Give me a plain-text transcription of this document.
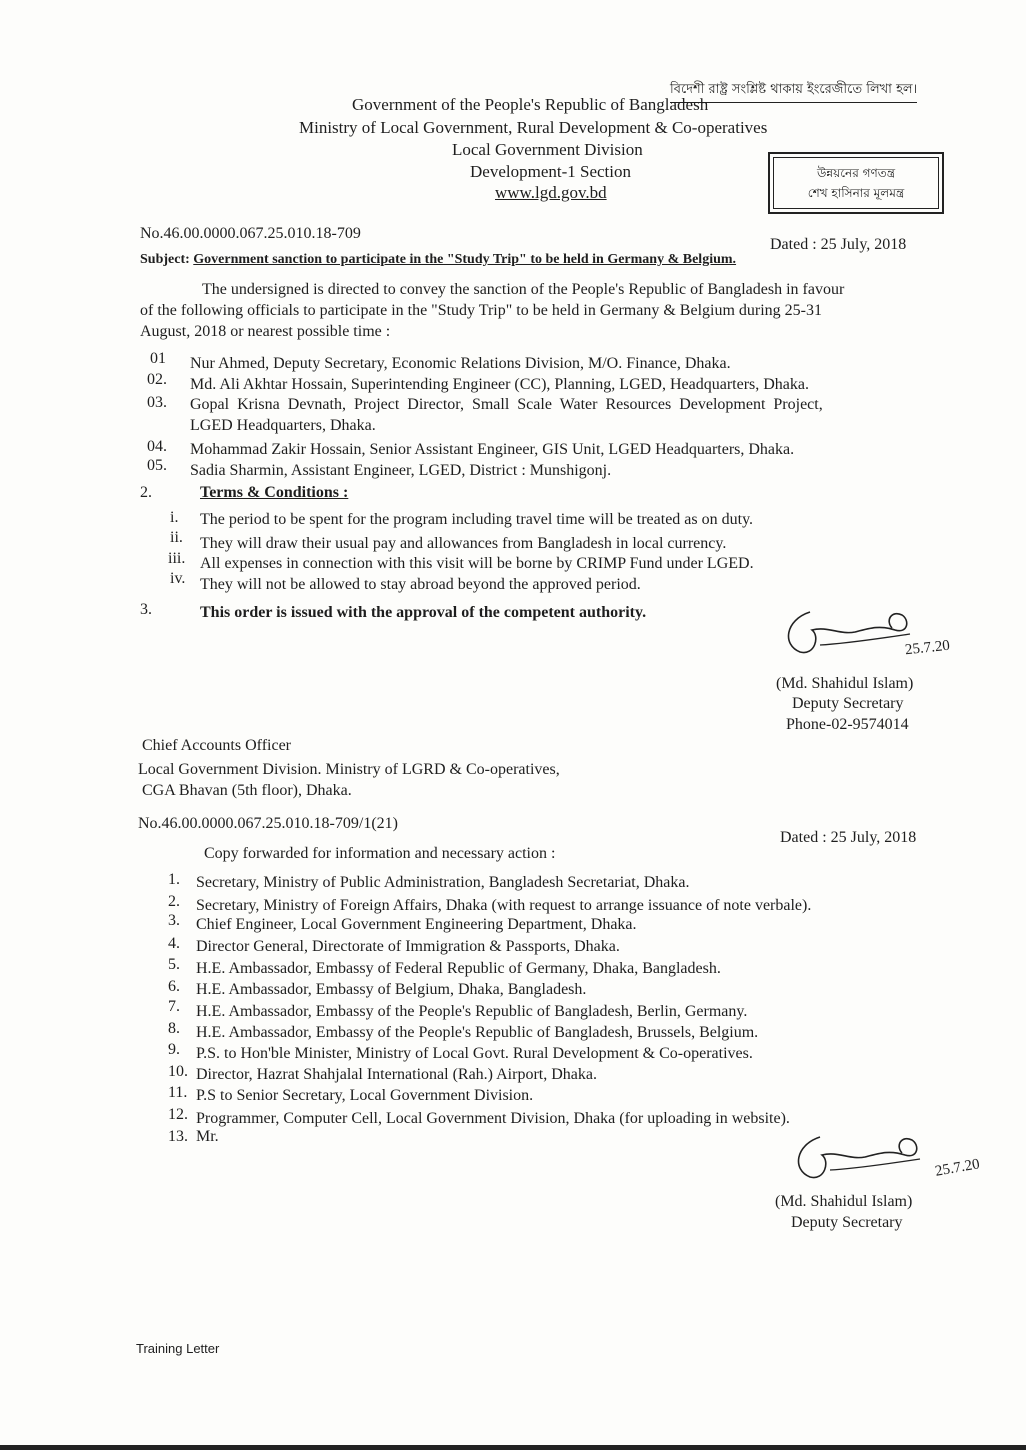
বিদেশী রাষ্ট্র সংশ্লিষ্ট থাকায় ইংরেজীতে লিখা হল।
Government of the People's Republic of Bangladesh
Ministry of Local Government, Rural Development & Co-operatives
Local Government Division
Development-1 Section
www.lgd.gov.bd
উন্নয়নের গণতন্ত্র
শেখ হাসিনার মূলমন্ত্র
No.46.00.0000.067.25.010.18-709
Dated : 25 July, 2018
Subject: Government sanction to participate in the "Study Trip" to be held in Germany & Belgium.
The undersigned is directed to convey the sanction of the People's Republic of Bangladesh in favour
of the following officials to participate in the "Study Trip" to be held in Germany & Belgium during 25-31
August, 2018 or nearest possible time :
01 Nur Ahmed, Deputy Secretary, Economic Relations Division, M/O. Finance, Dhaka.
02. Md. Ali Akhtar Hossain, Superintending Engineer (CC), Planning, LGED, Headquarters, Dhaka.
03. Gopal Krisna Devnath, Project Director, Small Scale Water Resources Development Project,
LGED Headquarters, Dhaka.
04. Mohammad Zakir Hossain, Senior Assistant Engineer, GIS Unit, LGED Headquarters, Dhaka.
05. Sadia Sharmin, Assistant Engineer, LGED, District : Munshigonj.
2.	Terms & Conditions :
i. The period to be spent for the program including travel time will be treated as on duty.
ii. They will draw their usual pay and allowances from Bangladesh in local currency.
iii. All expenses in connection with this visit will be borne by CRIMP Fund under LGED.
iv. They will not be allowed to stay abroad beyond the approved period.
3.	This order is issued with the approval of the competent authority.
25.7.20
(Md. Shahidul Islam)
Deputy Secretary
Phone-02-9574014
Chief Accounts Officer
Local Government Division. Ministry of LGRD & Co-operatives,
CGA Bhavan (5th floor), Dhaka.
No.46.00.0000.067.25.010.18-709/1(21)
Dated : 25 July, 2018
Copy forwarded for information and necessary action :
1. Secretary, Ministry of Public Administration, Bangladesh Secretariat, Dhaka.
2. Secretary, Ministry of Foreign Affairs, Dhaka (with request to arrange issuance of note verbale).
3. Chief Engineer, Local Government Engineering Department, Dhaka.
4. Director General, Directorate of Immigration & Passports, Dhaka.
5. H.E. Ambassador, Embassy of Federal Republic of Germany, Dhaka, Bangladesh.
6. H.E. Ambassador, Embassy of Belgium, Dhaka, Bangladesh.
7. H.E. Ambassador, Embassy of the People's Republic of Bangladesh, Berlin, Germany.
8. H.E. Ambassador, Embassy of the People's Republic of Bangladesh, Brussels, Belgium.
9. P.S. to Hon'ble Minister, Ministry of Local Govt. Rural Development & Co-operatives.
10. Director, Hazrat Shahjalal International (Rah.) Airport, Dhaka.
11. P.S to Senior Secretary, Local Government Division.
12. Programmer, Computer Cell, Local Government Division, Dhaka (for uploading in website).
13. Mr.
25.7.20
(Md. Shahidul Islam)
Deputy Secretary
Training Letter
